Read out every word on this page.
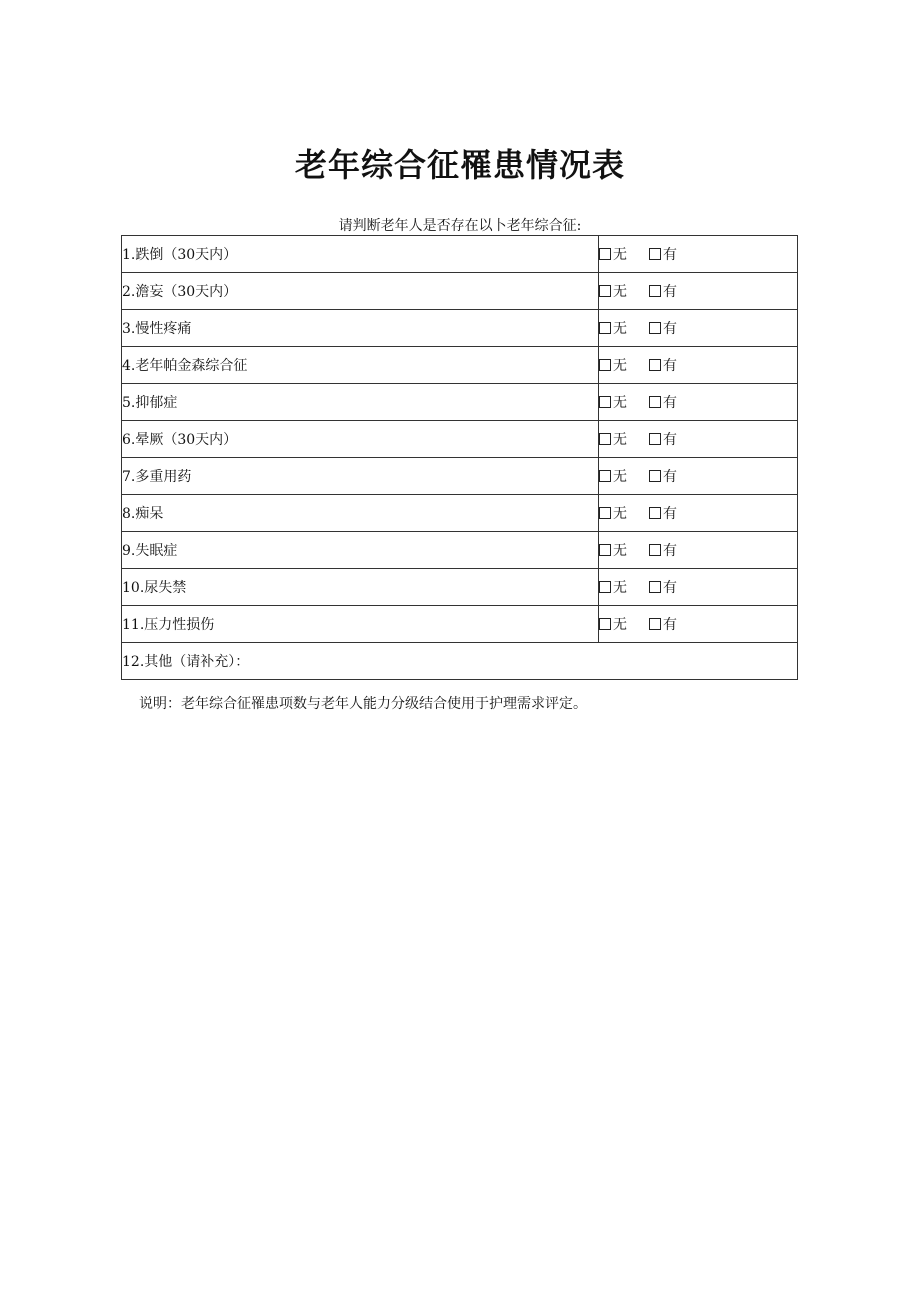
老年综合征罹患情况表
请判断老年人是否存在以卜老年综合征:
1.跌倒（30天内）	无 有
2.澹妄（30天内）	无 有
3.慢性疼痛	无 有
4.老年帕金森综合征	无 有
5.抑郁症	无 有
6.晕厥（30天内）	无 有
7.多重用药	无 有
8.痴呆	无 有
9.失眠症	无 有
10.尿失禁	无 有
11.压力性损伤	无 有
12.其他（请补充）：	
说明：老年综合征罹患项数与老年人能力分级结合使用于护理需求评定。
